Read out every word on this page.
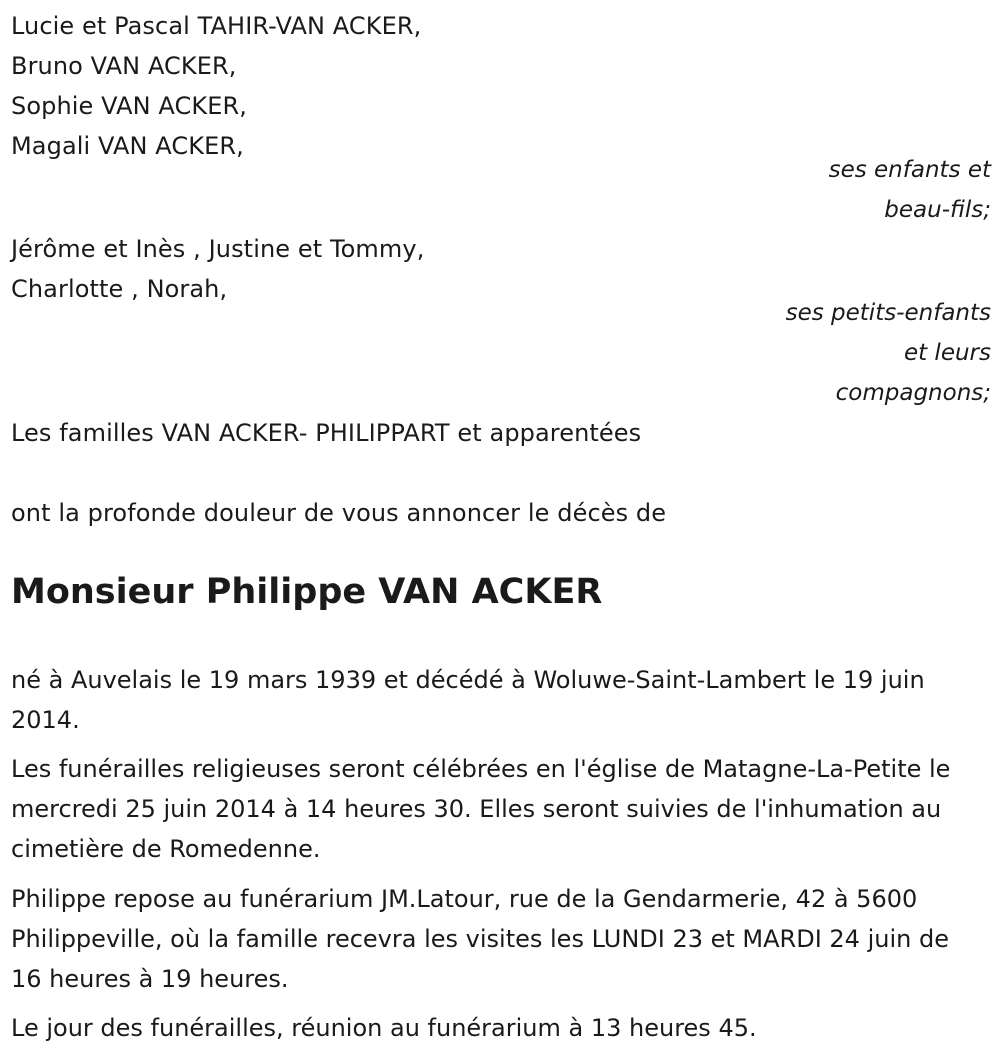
Lucie et Pascal TAHIR-VAN ACKER,
Bruno VAN ACKER,
Sophie VAN ACKER,
Magali VAN ACKER,
ses enfants et
beau-fils;
Jérôme et Inès , Justine et Tommy,
Charlotte , Norah,
ses petits-enfants
et leurs
compagnons;
Les familles VAN ACKER- PHILIPPART et apparentées
ont la profonde douleur de vous annoncer le décès de
Monsieur Philippe VAN ACKER
né à Auvelais le 19 mars 1939 et décédé à Woluwe-Saint-Lambert le 19 juin 2014.
Les funérailles religieuses seront célébrées en l'église de Matagne-La-Petite le mercredi 25 juin 2014 à 14 heures 30. Elles seront suivies de l'inhumation au cimetière de Romedenne.
Philippe repose au funérarium JM.Latour, rue de la Gendarmerie, 42 à 5600 Philippeville, où la famille recevra les visites les LUNDI 23 et MARDI 24 juin de 16 heures à 19 heures.
Le jour des funérailles, réunion au funérarium à 13 heures 45.
